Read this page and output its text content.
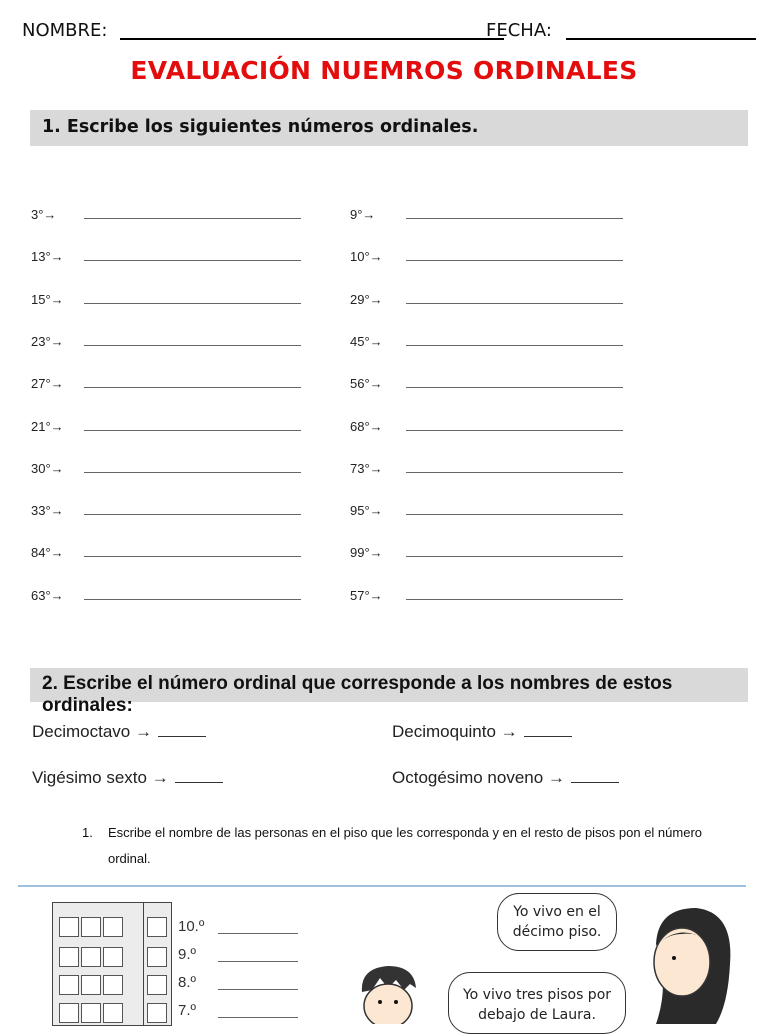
NOMBRE:	FECHA:
EVALUACIÓN NUEMROS ORDINALES
1. Escribe los siguientes números ordinales.
3°→	9°→
13°→	10°→
15°→	29°→
23°→	45°→
27°→	56°→
21°→	68°→
30°→	73°→
33°→	95°→
84°→	99°→
63°→	57°→
2. Escribe el número ordinal que corresponde a los nombres de estos ordinales:
Decimoctavo →	Decimoquinto →
Vigésimo sexto →	Octogésimo noveno →
1. Escribe el nombre de las personas en el piso que les corresponda y en el resto de pisos pon el número ordinal.
10.º
9.º
8.º
7.º
Yo vivo en el décimo piso.
Yo vivo tres pisos por debajo de Laura.
